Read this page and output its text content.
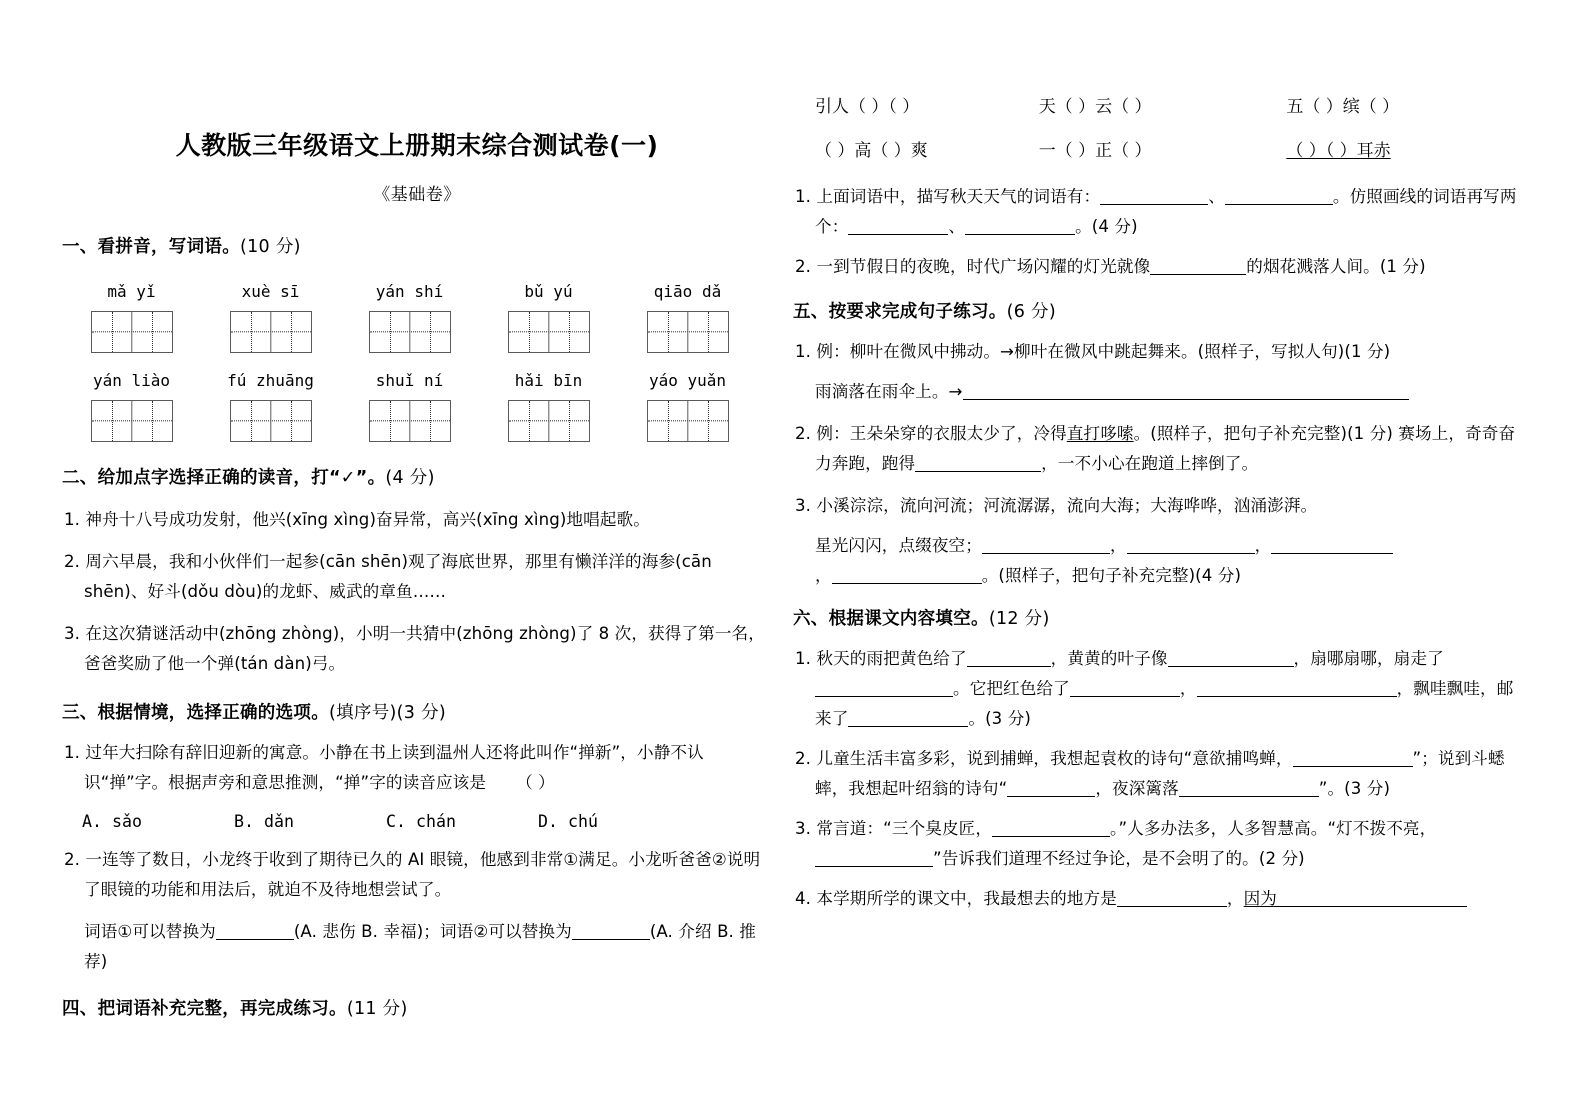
人教版三年级语文上册期末综合测试卷(一)
《基础卷》
一、看拼音，写词语。(10 分)
mǎ yǐ	xuè sī	yán shí	bǔ yú	qiāo dǎ
yán liào	fú zhuāng	shuǐ ní	hǎi bīn	yáo yuǎn
二、给加点字选择正确的读音，打“✓”。(4 分)
1. 神舟十八号成功发射，他兴(xīng xìng)奋异常，高兴(xīng xìng)地唱起歌。
2. 周六早晨，我和小伙伴们一起参(cān shēn)观了海底世界，那里有懒洋洋的海参(cān shēn)、好斗(dǒu dòu)的龙虾、威武的章鱼……
3. 在这次猜谜活动中(zhōng zhòng)，小明一共猜中(zhōng zhòng)了 8 次，获得了第一名，爸爸奖励了他一个弹(tán dàn)弓。
三、根据情境，选择正确的选项。(填序号)(3 分)
1. 过年大扫除有辞旧迎新的寓意。小静在书上读到温州人还将此叫作“掸新”，小静不认识“掸”字。根据声旁和意思推测，“掸”字的读音应该是 （ ）
A. sǎo	B. dǎn	C. chán	D. chú
2. 一连等了数日，小龙终于收到了期待已久的 AI 眼镜，他感到非常①满足。小龙听爸爸②说明了眼镜的功能和用法后，就迫不及待地想尝试了。
词语①可以替换为	(A. 悲伤 B. 幸福)；词语②可以替换为	(A. 介绍 B. 推荐)
四、把词语补充完整，再完成练习。(11 分)
引人（ ）（ ）	天（ ）云（ ）	五（ ）缤（ ）
（ ）高（ ）爽	一（ ）正（ ）	（ ）（ ）耳赤
1. 上面词语中，描写秋天天气的词语有：	、	。仿照画线的词语再写两个：	、	。(4 分)
2. 一到节假日的夜晚，时代广场闪耀的灯光就像	的烟花溅落人间。(1 分)
五、按要求完成句子练习。(6 分)
1. 例：柳叶在微风中拂动。→柳叶在微风中跳起舞来。(照样子，写拟人句)(1 分)
雨滴落在雨伞上。→
2. 例：王朵朵穿的衣服太少了，冷得直打哆嗦。(照样子，把句子补充完整)(1 分) 赛场上，奇奇奋力奔跑，跑得	，一不小心在跑道上摔倒了。
3. 小溪淙淙，流向河流；河流潺潺，流向大海；大海哗哗，汹涌澎湃。
星光闪闪，点缀夜空；	，	，
，	。(照样子，把句子补充完整)(4 分)
六、根据课文内容填空。(12 分)
1. 秋天的雨把黄色给了	，黄黄的叶子像	，扇哪扇哪，扇走了。它把红色给了	，	，飘哇飘哇，邮来了	。(3 分)
2. 儿童生活丰富多彩，说到捕蝉，我想起袁枚的诗句“意欲捕鸣蝉，	”；说到斗蟋蟀，我想起叶绍翁的诗句“	，夜深篱落	”。(3 分)
3. 常言道：“三个臭皮匠，	。”人多办法多，人多智慧高。“灯不拨不亮，”告诉我们道理不经过争论，是不会明了的。(2 分)
4. 本学期所学的课文中，我最想去的地方是	，因为
